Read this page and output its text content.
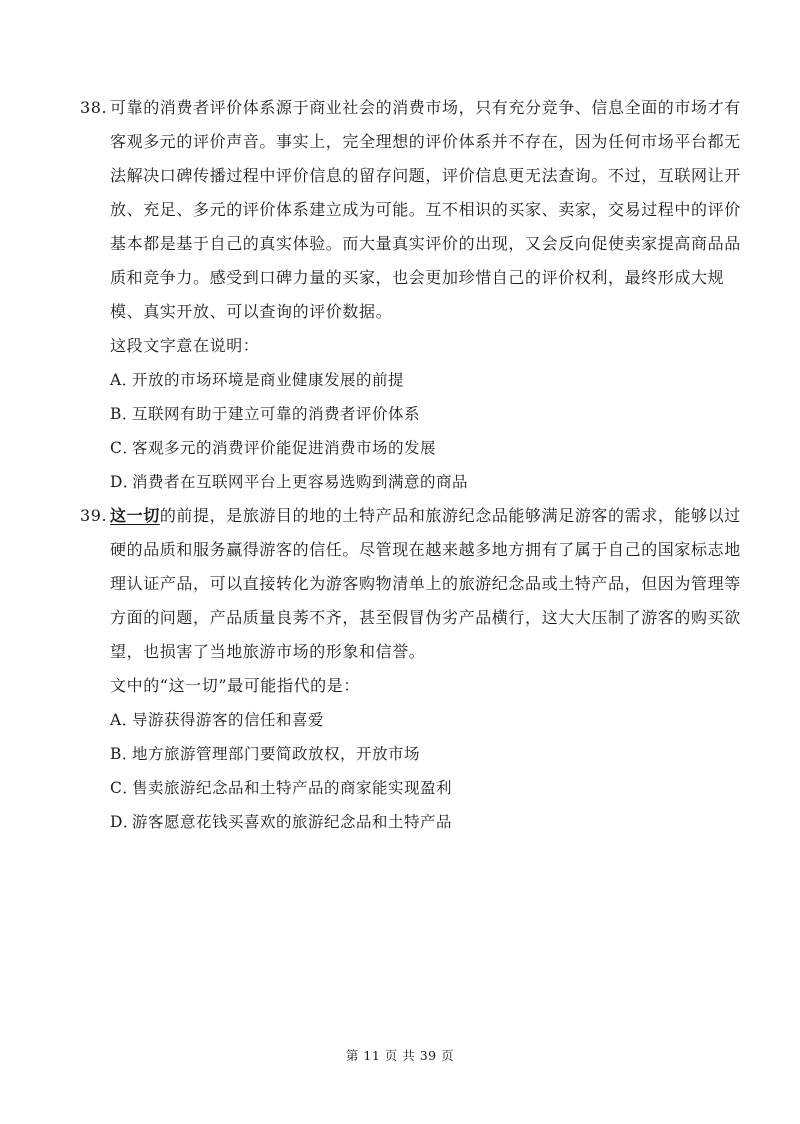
38. 可靠的消费者评价体系源于商业社会的消费市场，只有充分竞争、信息全面的市场才有
客观多元的评价声音。事实上，完全理想的评价体系并不存在，因为任何市场平台都无
法解决口碑传播过程中评价信息的留存问题，评价信息更无法查询。不过，互联网让开
放、充足、多元的评价体系建立成为可能。互不相识的买家、卖家，交易过程中的评价
基本都是基于自己的真实体验。而大量真实评价的出现，又会反向促使卖家提高商品品
质和竞争力。感受到口碑力量的买家，也会更加珍惜自己的评价权利，最终形成大规
模、真实开放、可以查询的评价数据。
这段文字意在说明：
A．开放的市场环境是商业健康发展的前提
B．互联网有助于建立可靠的消费者评价体系
C．客观多元的消费评价能促进消费市场的发展
D．消费者在互联网平台上更容易选购到满意的商品
39. 这一切的前提，是旅游目的地的土特产品和旅游纪念品能够满足游客的需求，能够以过
硬的品质和服务赢得游客的信任。尽管现在越来越多地方拥有了属于自己的国家标志地
理认证产品，可以直接转化为游客购物清单上的旅游纪念品或土特产品，但因为管理等
方面的问题，产品质量良莠不齐，甚至假冒伪劣产品横行，这大大压制了游客的购买欲
望，也损害了当地旅游市场的形象和信誉。
文中的“这一切”最可能指代的是：
A．导游获得游客的信任和喜爱
B．地方旅游管理部门要简政放权，开放市场
C．售卖旅游纪念品和土特产品的商家能实现盈利
D．游客愿意花钱买喜欢的旅游纪念品和土特产品
第 11 页 共 39 页
